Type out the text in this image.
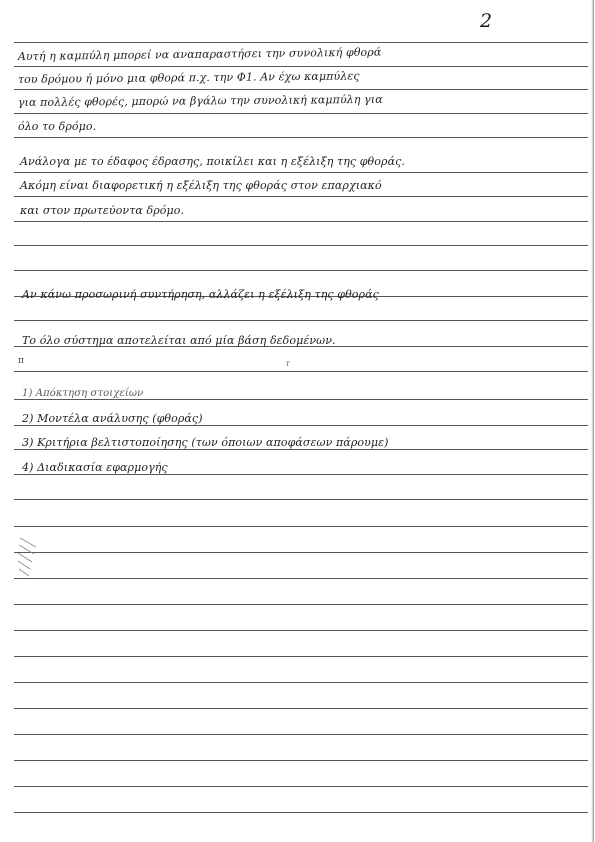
2
Αυτή η καμπύλη μπορεί να αναπαραστήσει την συνολική φθορά
του δρόμου ή μόνο μια φθορά π.χ. την Φ1. Αν έχω καμπύλες
για πολλές φθορές, μπορώ να βγάλω την συνολική καμπύλη για
όλο το δρόμο.
Ανάλογα με το έδαφος έδρασης, ποικίλει και η εξέλιξη της φθοράς.
Ακόμη είναι διαφορετική η εξέλιξη της φθοράς στον επαρχιακό
και στον πρωτεύοντα δρόμο.
Αν κάνω προσωρινή συντήρηση, αλλάζει η εξέλιξη της φθοράς
Το όλο σύστημα αποτελείται από μία βάση δεδομένων.
1) Απόκτηση στοιχείων
2) Μοντέλα ανάλυσης (φθοράς)
3) Κριτήρια βελτιστοποίησης (των όποιων αποφάσεων πάρουμε)
4) Διαδικασία εφαρμογής
π	r
